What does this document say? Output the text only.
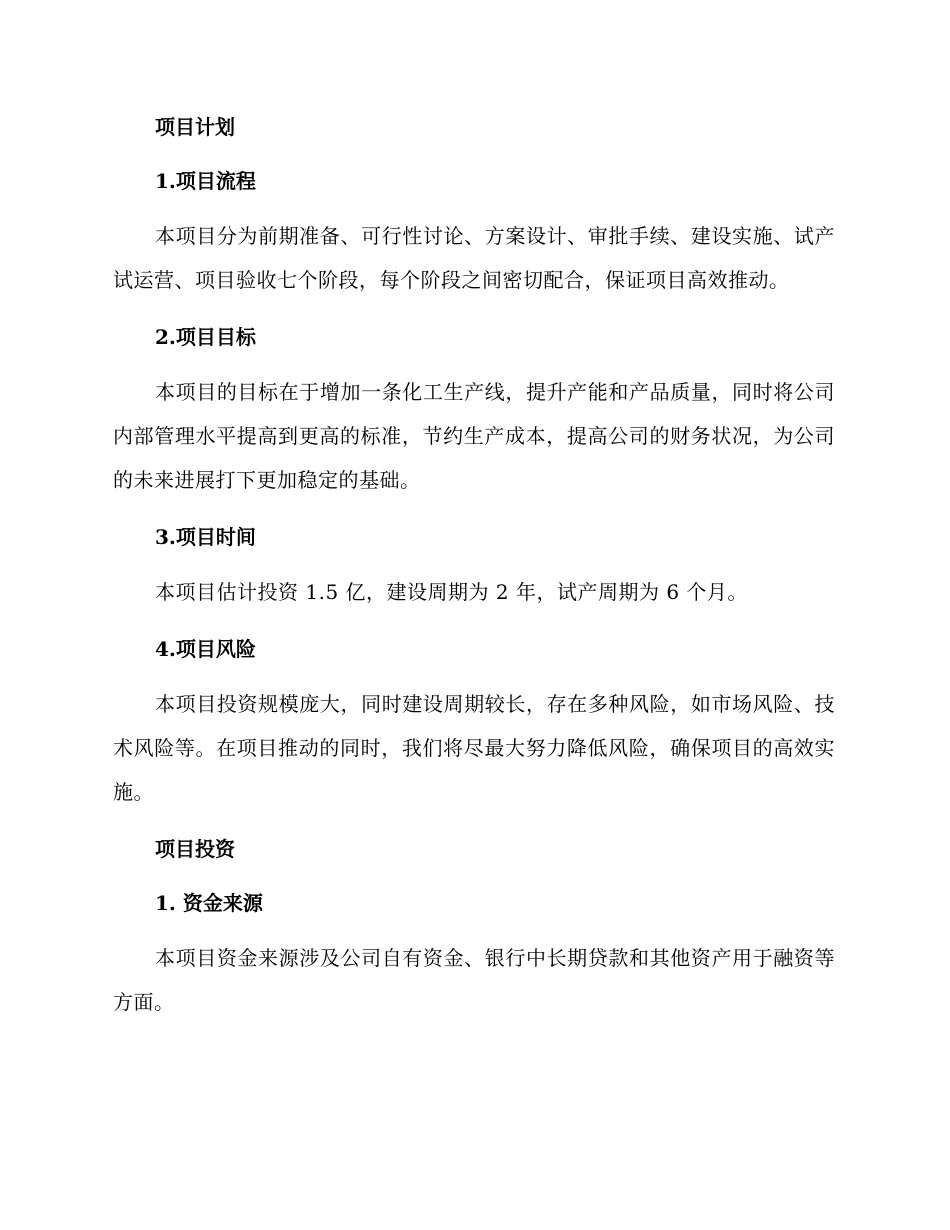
项目计划
1.项目流程

本项目分为前期准备、可行性讨论、方案设计、审批手续、建设实施、试产试运营、项目验收七个阶段，每个阶段之间密切配合，保证项目高效推动。

2.项目目标

本项目的目标在于增加一条化工生产线，提升产能和产品质量，同时将公司内部管理水平提高到更高的标准，节约生产成本，提高公司的财务状况，为公司的未来进展打下更加稳定的基础。

3.项目时间

本项目估计投资 1.5 亿，建设周期为 2 年，试产周期为 6 个月。

4.项目风险

本项目投资规模庞大，同时建设周期较长，存在多种风险，如市场风险、技术风险等。在项目推动的同时，我们将尽最大努力降低风险，确保项目的高效实施。

项目投资
1. 资金来源

本项目资金来源涉及公司自有资金、银行中长期贷款和其他资产用于融资等方面。
